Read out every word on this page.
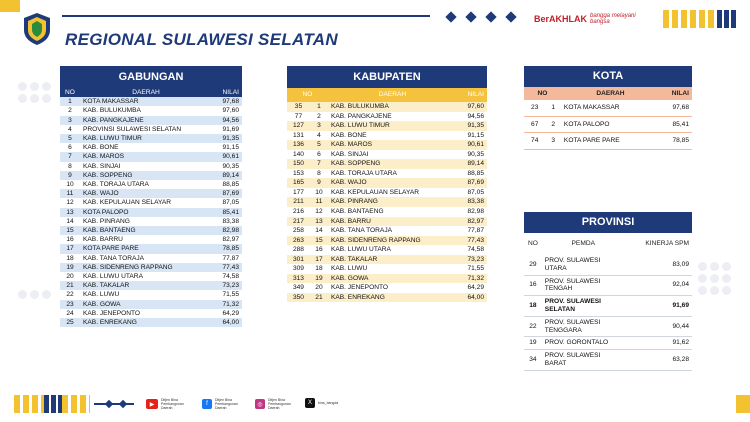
BerAKHLAK bangga melayani bangsa
REGIONAL SULAWESI SELATAN
GABUNGAN
NO	DAERAH	NILAI
1	KOTA MAKASSAR	97,68
2	KAB. BULUKUMBA	97,60
3	KAB. PANGKAJENE	94,56
4	PROVINSI SULAWESI SELATAN	91,69
5	KAB. LUWU TIMUR	91,35
6	KAB. BONE	91,15
7	KAB. MAROS	90,61
8	KAB. SINJAI	90,35
9	KAB. SOPPENG	89,14
10	KAB. TORAJA UTARA	88,85
11	KAB. WAJO	87,69
12	KAB. KEPULAUAN SELAYAR	87,05
13	KOTA PALOPO	85,41
14	KAB. PINRANG	83,38
15	KAB. BANTAENG	82,98
16	KAB. BARRU	82,97
17	KOTA PARE PARE	78,85
18	KAB. TANA TORAJA	77,87
19	KAB. SIDENRENG RAPPANG	77,43
20	KAB. LUWU UTARA	74,58
21	KAB. TAKALAR	73,23
22	KAB. LUWU	71,55
23	KAB. GOWA	71,32
24	KAB. JENEPONTO	64,29
25	KAB. ENREKANG	64,00
KABUPATEN
NO		DAERAH	NILAI
35	1	KAB. BULUKUMBA	97,60
77	2	KAB. PANGKAJENE	94,56
127	3	KAB. LUWU TIMUR	91,35
131	4	KAB. BONE	91,15
136	5	KAB. MAROS	90,61
140	6	KAB. SINJAI	90,35
150	7	KAB. SOPPENG	89,14
153	8	KAB. TORAJA UTARA	88,85
165	9	KAB. WAJO	87,69
177	10	KAB. KEPULAUAN SELAYAR	87,05
211	11	KAB. PINRANG	83,38
216	12	KAB. BANTAENG	82,98
217	13	KAB. BARRU	82,97
258	14	KAB. TANA TORAJA	77,87
263	15	KAB. SIDENRENG RAPPANG	77,43
288	16	KAB. LUWU UTARA	74,58
301	17	KAB. TAKALAR	73,23
309	18	KAB. LUWU	71,55
313	19	KAB. GOWA	71,32
349	20	KAB. JENEPONTO	64,29
350	21	KAB. ENREKANG	64,00
KOTA
NO		DAERAH	NILAI
23	1	KOTA MAKASSAR	97,68
67	2	KOTA PALOPO	85,41
74	3	KOTA PARE PARE	78,85
PROVINSI
NO	PEMDA	KINERJA SPM
29	PROV. SULAWESI UTARA	83,09
16	PROV. SULAWESI TENGAH	92,04
18	PROV. SULAWESI SELATAN	91,69
22	PROV. SULAWESI TENGGARA	90,44
19	PROV. GORONTALO	91,62
34	PROV. SULAWESI BARAT	63,28
▶
Ditjen Bina Pembangunan Daerah
f
Ditjen Bina Pembangunan Daerah
◎
Ditjen Bina Pembangunan Daerah
X	bina_bangda
